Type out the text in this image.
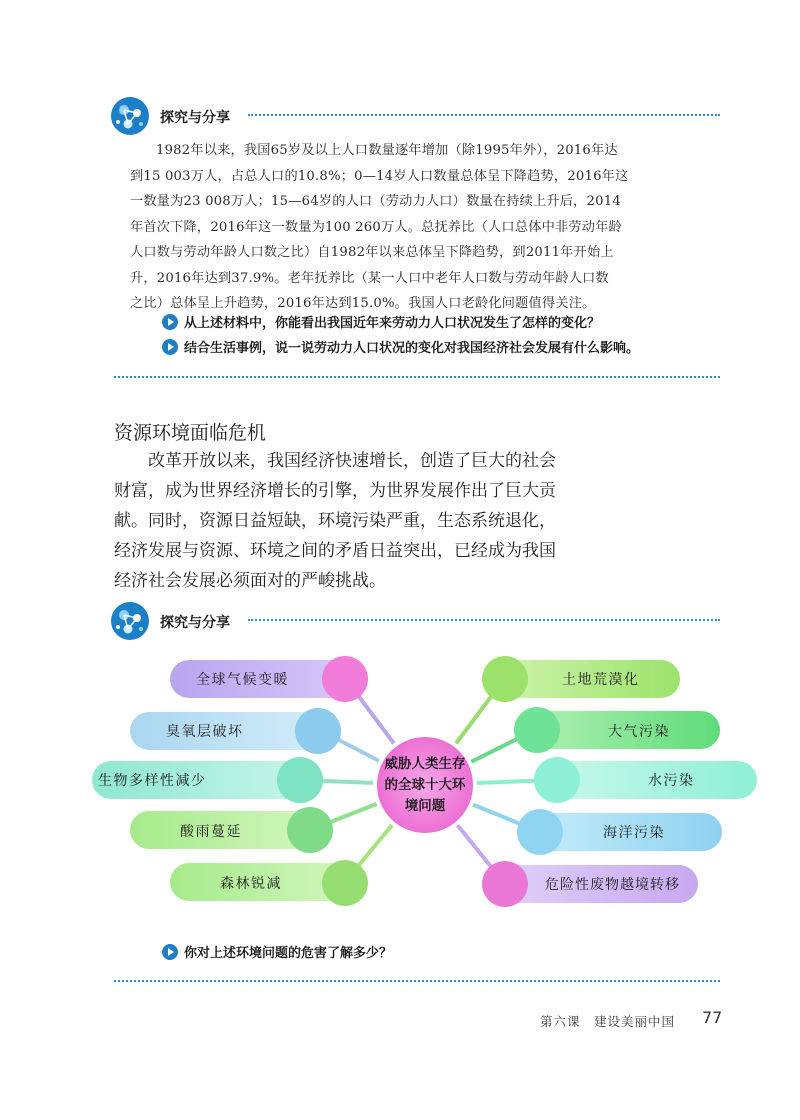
探究与分享
1982年以来，我国65岁及以上人口数量逐年增加（除1995年外），2016年达
到15 003万人，占总人口的10.8%；0—14岁人口数量总体呈下降趋势，2016年这
一数量为23 008万人；15—64岁的人口（劳动力人口）数量在持续上升后，2014
年首次下降，2016年这一数量为100 260万人。总抚养比（人口总体中非劳动年龄
人口数与劳动年龄人口数之比）自1982年以来总体呈下降趋势，到2011年开始上
升，2016年达到37.9%。老年抚养比（某一人口中老年人口数与劳动年龄人口数
之比）总体呈上升趋势，2016年达到15.0%。我国人口老龄化问题值得关注。
从上述材料中，你能看出我国近年来劳动力人口状况发生了怎样的变化？
结合生活事例，说一说劳动力人口状况的变化对我国经济社会发展有什么影响。
资源环境面临危机
　　改革开放以来，我国经济快速增长，创造了巨大的社会
财富，成为世界经济增长的引擎，为世界发展作出了巨大贡
献。同时，资源日益短缺，环境污染严重，生态系统退化，
经济发展与资源、环境之间的矛盾日益突出，已经成为我国
经济社会发展必须面对的严峻挑战。
探究与分享
全球气候变暖
臭氧层破坏
生物多样性减少
酸雨蔓延
森林锐减
土地荒漠化
大气污染
水污染
海洋污染
危险性废物越境转移
威胁人类生存
的全球十大环
境问题
你对上述环境问题的危害了解多少？
第六课　建设美丽中国 77
